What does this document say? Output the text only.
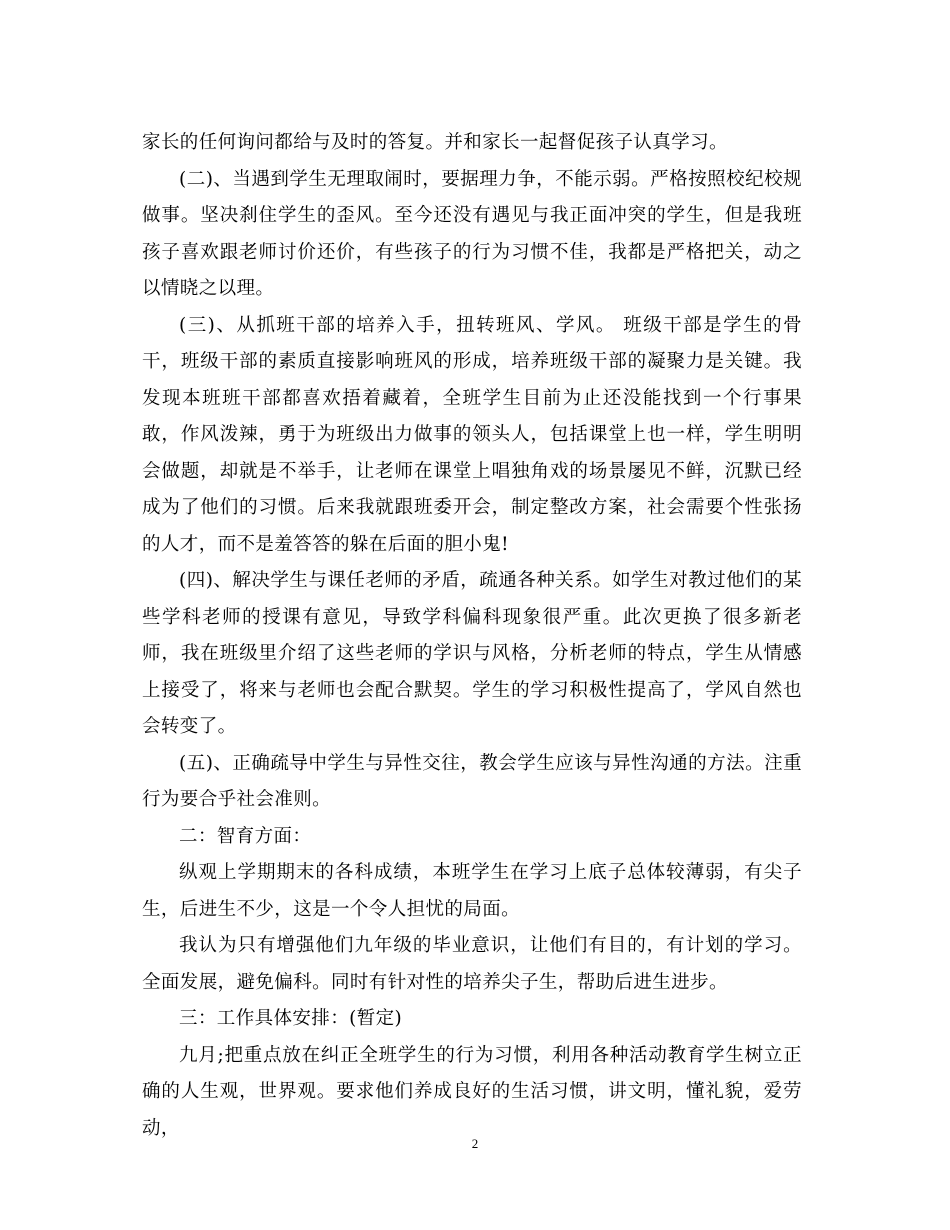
家长的任何询问都给与及时的答复。并和家长一起督促孩子认真学习。

(二)、当遇到学生无理取闹时，要据理力争，不能示弱。严格按照校纪校规做事。坚决刹住学生的歪风。至今还没有遇见与我正面冲突的学生，但是我班孩子喜欢跟老师讨价还价，有些孩子的行为习惯不佳，我都是严格把关，动之以情晓之以理。

(三)、从抓班干部的培养入手，扭转班风、学风。 班级干部是学生的骨干，班级干部的素质直接影响班风的形成，培养班级干部的凝聚力是关键。我发现本班班干部都喜欢捂着藏着，全班学生目前为止还没能找到一个行事果敢，作风泼辣，勇于为班级出力做事的领头人，包括课堂上也一样，学生明明会做题，却就是不举手，让老师在课堂上唱独角戏的场景屡见不鲜，沉默已经成为了他们的习惯。后来我就跟班委开会，制定整改方案，社会需要个性张扬的人才，而不是羞答答的躲在后面的胆小鬼!

(四)、解决学生与课任老师的矛盾，疏通各种关系。如学生对教过他们的某些学科老师的授课有意见，导致学科偏科现象很严重。此次更换了很多新老师，我在班级里介绍了这些老师的学识与风格，分析老师的特点，学生从情感上接受了，将来与老师也会配合默契。学生的学习积极性提高了，学风自然也会转变了。

(五)、正确疏导中学生与异性交往，教会学生应该与异性沟通的方法。注重行为要合乎社会准则。

二：智育方面：

纵观上学期期末的各科成绩，本班学生在学习上底子总体较薄弱，有尖子生，后进生不少，这是一个令人担忧的局面。

我认为只有增强他们九年级的毕业意识，让他们有目的，有计划的学习。全面发展，避免偏科。同时有针对性的培养尖子生，帮助后进生进步。

三：工作具体安排：(暂定)

九月;把重点放在纠正全班学生的行为习惯，利用各种活动教育学生树立正确的人生观，世界观。要求他们养成良好的生活习惯，讲文明，懂礼貌，爱劳动，

2
